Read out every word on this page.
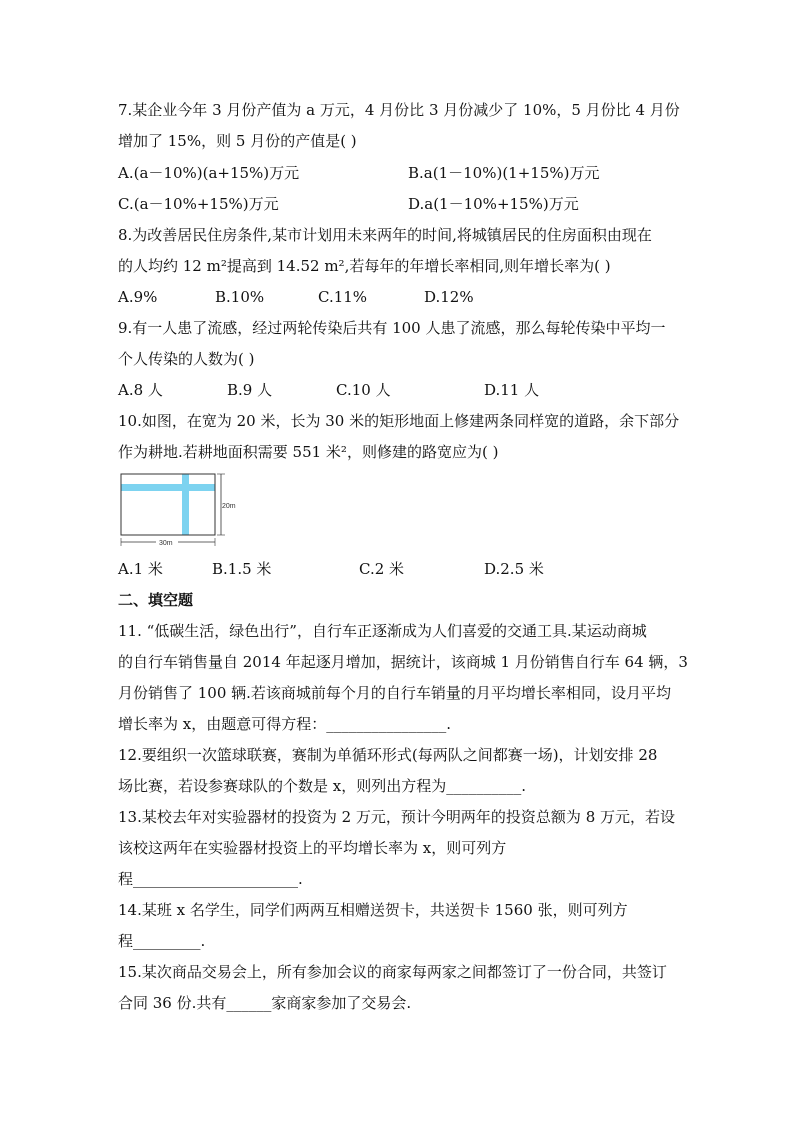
7.某企业今年 3 月份产值为 a 万元，4 月份比 3 月份减少了 10%，5 月份比 4 月份

增加了 15%，则 5 月份的产值是( )

A.(a－10%)(a+15%)万元	B.a(1－10%)(1+15%)万元

C.(a－10%+15%)万元	D.a(1－10%+15%)万元

8.为改善居民住房条件,某市计划用未来两年的时间,将城镇居民的住房面积由现在

的人均约 12 m²提高到 14.52 m²,若每年的年增长率相同,则年增长率为( )

A.9%	B.10%	C.11%	D.12%

9.有一人患了流感，经过两轮传染后共有 100 人患了流感，那么每轮传染中平均一

个人传染的人数为( )

A.8 人	B.9 人	C.10 人	D.11 人

10.如图，在宽为 20 米，长为 30 米的矩形地面上修建两条同样宽的道路，余下部分

作为耕地.若耕地面积需要 551 米²，则修建的路宽应为( )

20m
30m

A.1 米	B.1.5 米	C.2 米	D.2.5 米

二、填空题

11. “低碳生活，绿色出行”，自行车正逐渐成为人们喜爱的交通工具.某运动商城

的自行车销售量自 2014 年起逐月增加，据统计，该商城 1 月份销售自行车 64 辆，3

月份销售了 100 辆.若该商城前每个月的自行车销量的月平均增长率相同，设月平均

增长率为 x，由题意可得方程：________________.

12.要组织一次篮球联赛，赛制为单循环形式(每两队之间都赛一场)，计划安排 28

场比赛，若设参赛球队的个数是 x，则列出方程为__________.

13.某校去年对实验器材的投资为 2 万元，预计今明两年的投资总额为 8 万元，若设

该校这两年在实验器材投资上的平均增长率为 x，则可列方

程______________________.

14.某班 x 名学生，同学们两两互相赠送贺卡，共送贺卡 1560 张，则可列方

程_________.

15.某次商品交易会上，所有参加会议的商家每两家之间都签订了一份合同，共签订

合同 36 份.共有______家商家参加了交易会.
